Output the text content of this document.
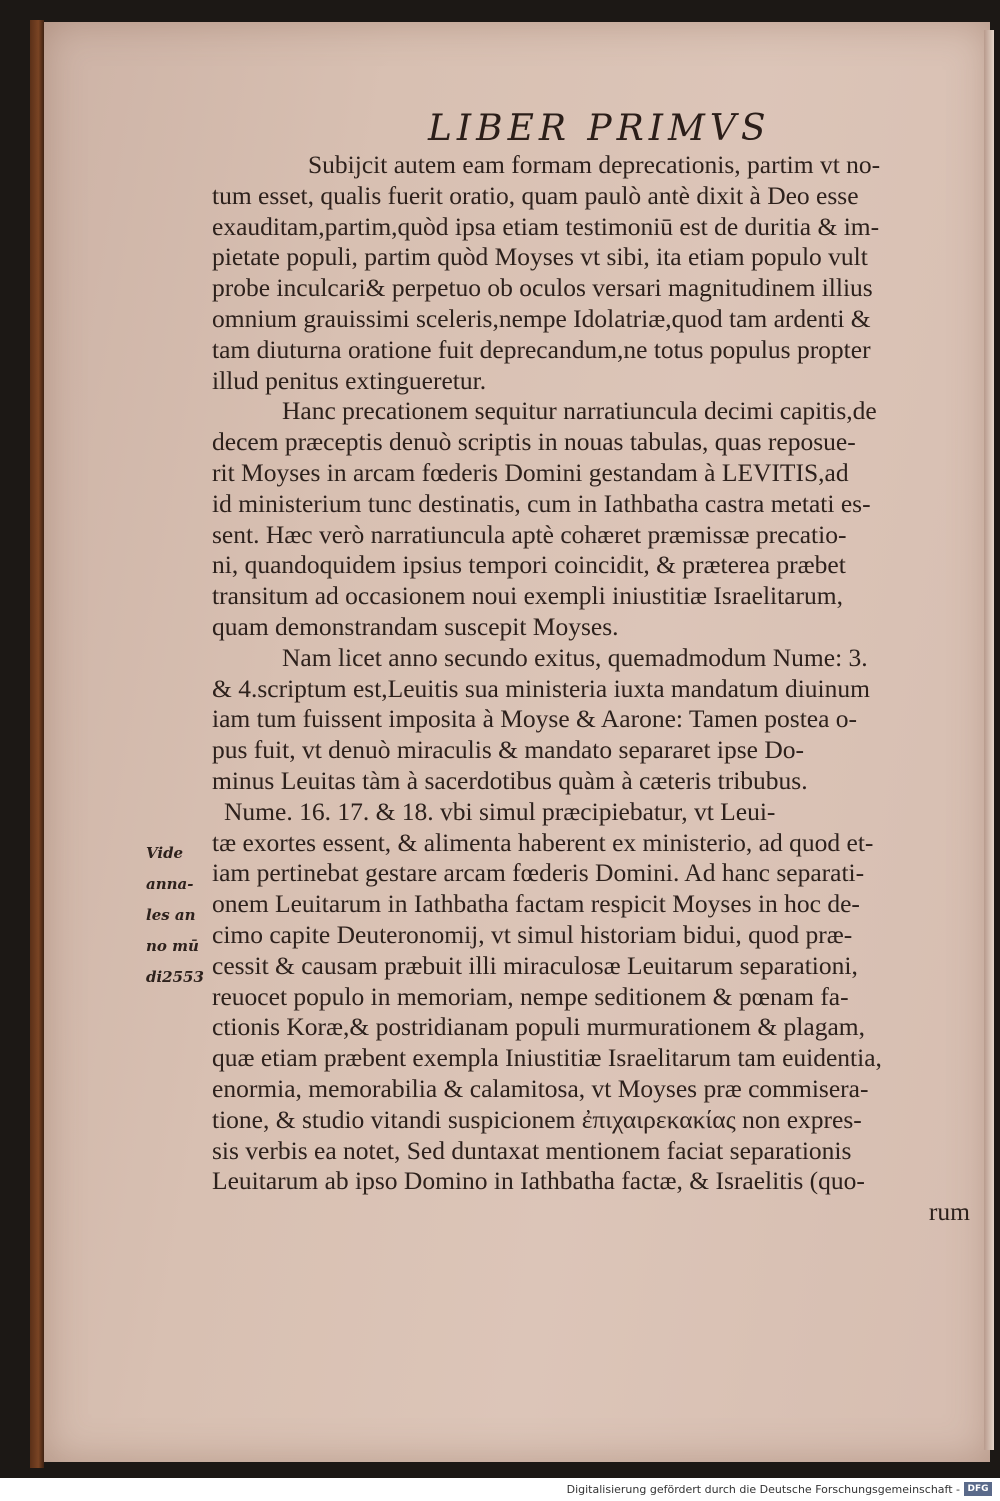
LIBER PRIMVS
Subijcit autem eam formam deprecationis, partim vt no-
tum esset, qualis fuerit oratio, quam paulò antè dixit à Deo esse
exauditam,partim,quòd ipsa etiam testimoniū est de duritia & im-
pietate populi, partim quòd Moyses vt sibi, ita etiam populo vult
probe inculcari& perpetuo ob oculos versari magnitudinem illius
omnium grauissimi sceleris,nempe Idolatriæ,quod tam ardenti &
tam diuturna oratione fuit deprecandum,ne totus populus propter
illud penitus extingueretur.
Hanc precationem sequitur narratiuncula decimi capitis,de
decem præceptis denuò scriptis in nouas tabulas, quas reposue-
rit Moyses in arcam fœderis Domini gestandam à LEVITIS,ad
id ministerium tunc destinatis, cum in Iathbatha castra metati es-
sent. Hæc verò narratiuncula aptè cohæret præmissæ precatio-
ni, quandoquidem ipsius tempori coincidit, & præterea præbet
transitum ad occasionem noui exempli iniustitiæ Israelitarum,
quam demonstrandam suscepit Moyses.
Nam licet anno secundo exitus, quemadmodum Nume: 3.
& 4.scriptum est,Leuitis sua ministeria iuxta mandatum diuinum
iam tum fuissent imposita à Moyse & Aarone: Tamen postea o-
pus fuit, vt denuò miraculis & mandato separaret ipse Do-
minus Leuitas tàm à sacerdotibus quàm à cæteris tribubus.
Nume. 16. 17. & 18. vbi simul præcipiebatur, vt Leui-
tæ exortes essent, & alimenta haberent ex ministerio, ad quod et-
iam pertinebat gestare arcam fœderis Domini. Ad hanc separati-
onem Leuitarum in Iathbatha factam respicit Moyses in hoc de-
cimo capite Deuteronomij, vt simul historiam bidui, quod præ-
cessit & causam præbuit illi miraculosæ Leuitarum separationi,
reuocet populo in memoriam, nempe seditionem & pœnam fa-
ctionis Koræ,& postridianam populi murmurationem & plagam,
quæ etiam præbent exempla Iniustitiæ Israelitarum tam euidentia,
enormia, memorabilia & calamitosa, vt Moyses præ commisera-
tione, & studio vitandi suspicionem ἐπιχαιρεκακίας non expres-
sis verbis ea notet, Sed duntaxat mentionem faciat separationis
Leuitarum ab ipso Domino in Iathbatha factæ, & Israelitis (quo-
rum
Vide
anna-
les an
no mū
di2553
Digitalisierung gefördert durch die Deutsche Forschungsgemeinschaft - DFG
